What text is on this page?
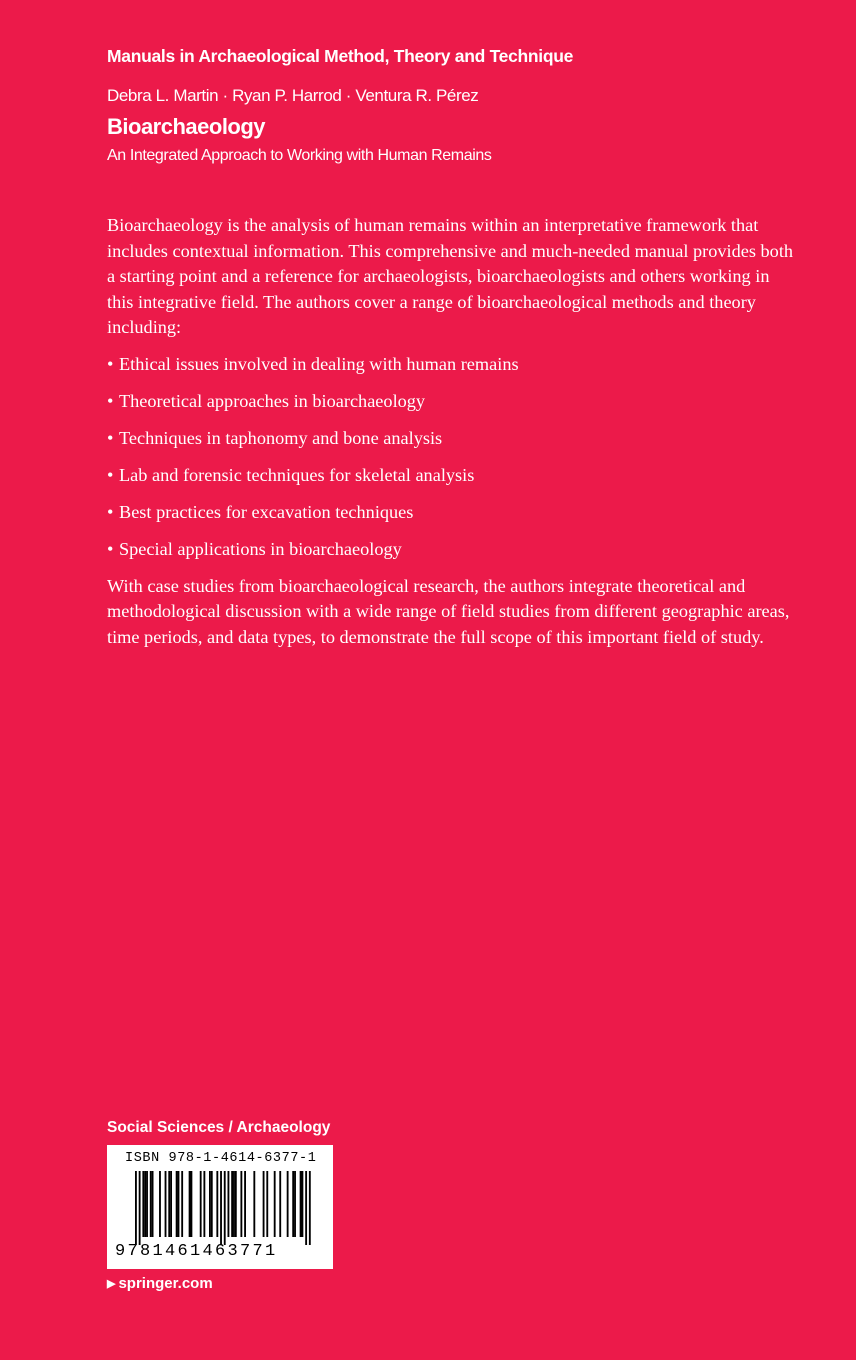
Manuals in Archaeological Method, Theory and Technique
Debra L. Martin · Ryan P. Harrod · Ventura R. Pérez
Bioarchaeology
An Integrated Approach to Working with Human Remains

Bioarchaeology is the analysis of human remains within an interpretative framework that includes contextual information. This comprehensive and much-needed manual provides both a starting point and a reference for archaeologists, bioarchaeologists and others working in this integrative field. The authors cover a range of bioarchaeological methods and theory including:

• Ethical issues involved in dealing with human remains
• Theoretical approaches in bioarchaeology
• Techniques in taphonomy and bone analysis
• Lab and forensic techniques for skeletal analysis
• Best practices for excavation techniques
• Special applications in bioarchaeology

With case studies from bioarchaeological research, the authors integrate theoretical and methodological discussion with a wide range of field studies from different geographic areas, time periods, and data types, to demonstrate the full scope of this important field of study.

Social Sciences / Archaeology
ISBN 978-1-4614-6377-1
9781461463771
▶ springer.com
